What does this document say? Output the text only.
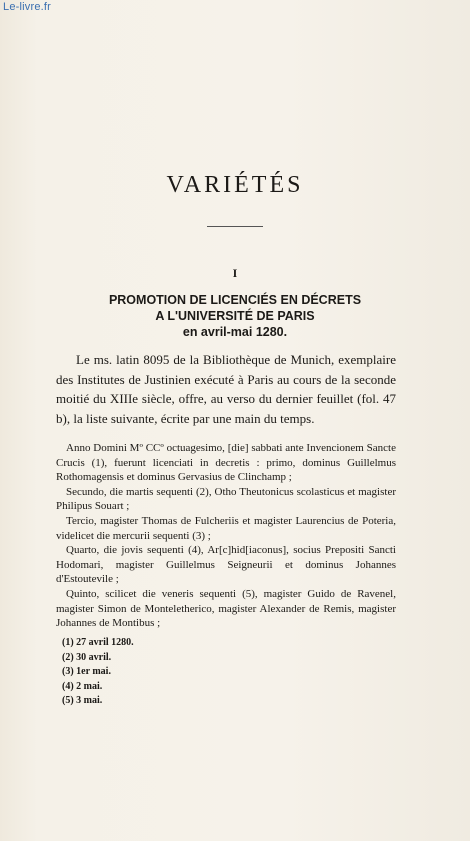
Le-livre.fr
VARIÉTÉS
I
PROMOTION DE LICENCIÉS EN DÉCRETS
A L'UNIVERSITÉ DE PARIS
en avril-mai 1280.

Le ms. latin 8095 de la Bibliothèque de Munich, exemplaire des Institutes de Justinien exécuté à Paris au cours de la seconde moitié du XIIIe siècle, offre, au verso du dernier feuillet (fol. 47 b), la liste suivante, écrite par une main du temps.

Anno Domini Mº CCº octuagesimo, [die] sabbati ante Invencionem Sancte Crucis (1), fuerunt licenciati in decretis : primo, dominus Guillelmus Rothomagensis et dominus Gervasius de Clinchamp ;

Secundo, die martis sequenti (2), Otho Theutonicus scolasticus et magister Philipus Souart ;

Tercio, magister Thomas de Fulcheriis et magister Laurencius de Poteria, videlicet die mercurii sequenti (3) ;

Quarto, die jovis sequenti (4), Ar[c]hid[iaconus], socius Prepositi Sancti Hodomari, magister Guillelmus Seigneurii et dominus Johannes d'Estoutevile ;

Quinto, scilicet die veneris sequenti (5), magister Guido de Ravenel, magister Simon de Monteletherico, magister Alexander de Remis, magister Johannes de Montibus ;

(1) 27 avril 1280.
(2) 30 avril.
(3) 1er mai.
(4) 2 mai.
(5) 3 mai.
